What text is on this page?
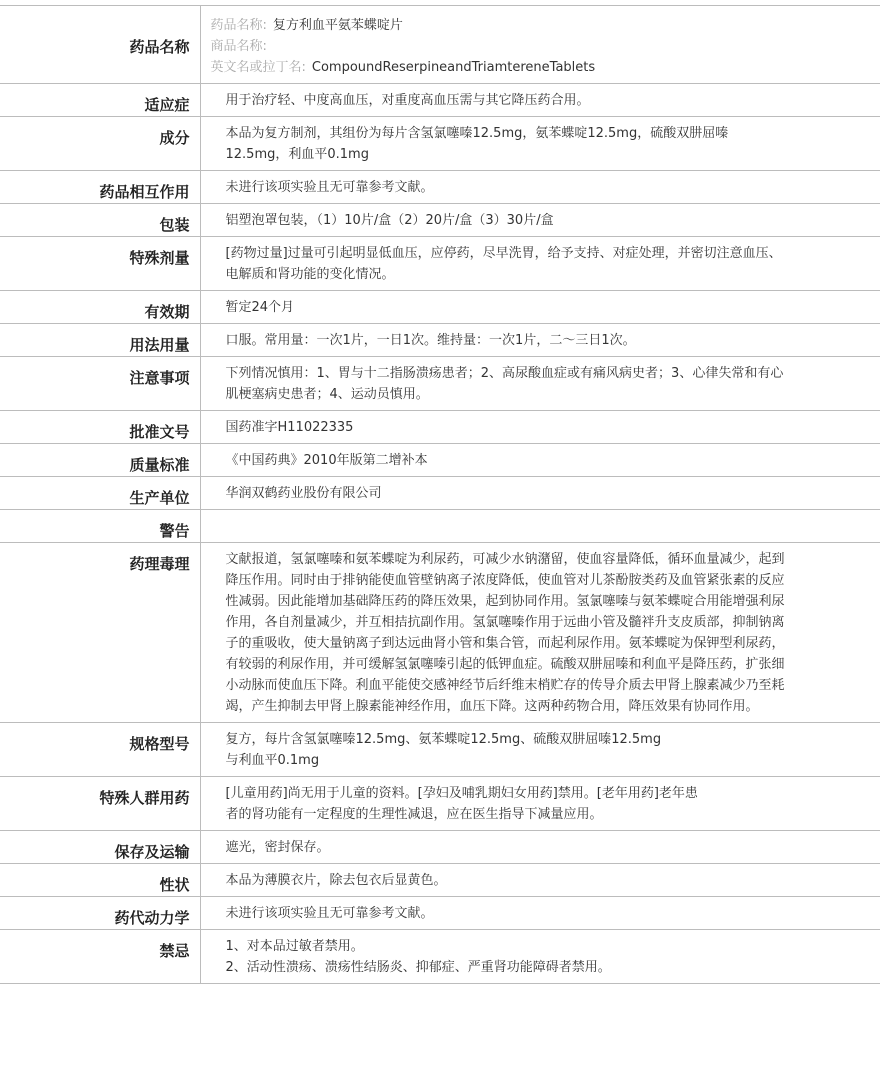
药品名称	药品名称: 复方利血平氨苯蝶啶片
商品名称:
英文名或拉丁名: CompoundReserpineandTriamtereneTablets

适应症	用于治疗轻、中度高血压，对重度高血压需与其它降压药合用。
成分	本品为复方制剂，其组份为每片含氢氯噻嗪12.5mg，氨苯蝶啶12.5mg，硫酸双肼屈嗪12.5mg，利血平0.1mg
药品相互作用	未进行该项实验且无可靠参考文献。
包装	铝塑泡罩包装，（1）10片/盒（2）20片/盒（3）30片/盒
特殊剂量	[药物过量]过量可引起明显低血压，应停药，尽早洗胃，给予支持、对症处理，并密切注意血压、电解质和肾功能的变化情况。
有效期	暂定24个月
用法用量	口服。常用量：一次1片，一日1次。维持量：一次1片，二～三日1次。
注意事项	下列情况慎用：1、胃与十二指肠溃疡患者；2、高尿酸血症或有痛风病史者；3、心律失常和有心肌梗塞病史患者；4、运动员慎用。
批准文号	国药准字H11022335
质量标准	《中国药典》2010年版第二增补本
生产单位	华润双鹤药业股份有限公司
警告	
药理毒理	文献报道，氢氯噻嗪和氨苯蝶啶为利尿药，可减少水钠潴留，使血容量降低，循环血量减少，起到降压作用。同时由于排钠能使血管壁钠离子浓度降低，使血管对儿茶酚胺类药及血管紧张素的反应性减弱。因此能增加基础降压药的降压效果，起到协同作用。氢氯噻嗪与氨苯蝶啶合用能增强利尿作用，各自剂量减少，并互相拮抗副作用。氢氯噻嗪作用于远曲小管及髓袢升支皮质部，抑制钠离子的重吸收，使大量钠离子到达远曲肾小管和集合管，而起利尿作用。氨苯蝶啶为保钾型利尿药，有较弱的利尿作用，并可缓解氢氯噻嗪引起的低钾血症。硫酸双肼屈嗪和利血平是降压药，扩张细小动脉而使血压下降。利血平能使交感神经节后纤维末梢贮存的传导介质去甲肾上腺素减少乃至耗竭，产生抑制去甲肾上腺素能神经作用，血压下降。这两种药物合用，降压效果有协同作用。
规格型号	复方，每片含氢氯噻嗪12.5mg、氨苯蝶啶12.5mg、硫酸双肼屈嗪12.5mg
与利血平0.1mg

特殊人群用药	[儿童用药]尚无用于儿童的资料。[孕妇及哺乳期妇女用药]禁用。[老年用药]老年患
者的肾功能有一定程度的生理性减退，应在医生指导下减量应用。

保存及运输	遮光，密封保存。
性状	本品为薄膜衣片，除去包衣后显黄色。
药代动力学	未进行该项实验且无可靠参考文献。
禁忌	1、对本品过敏者禁用。
2、活动性溃疡、溃疡性结肠炎、抑郁症、严重肾功能障碍者禁用。
